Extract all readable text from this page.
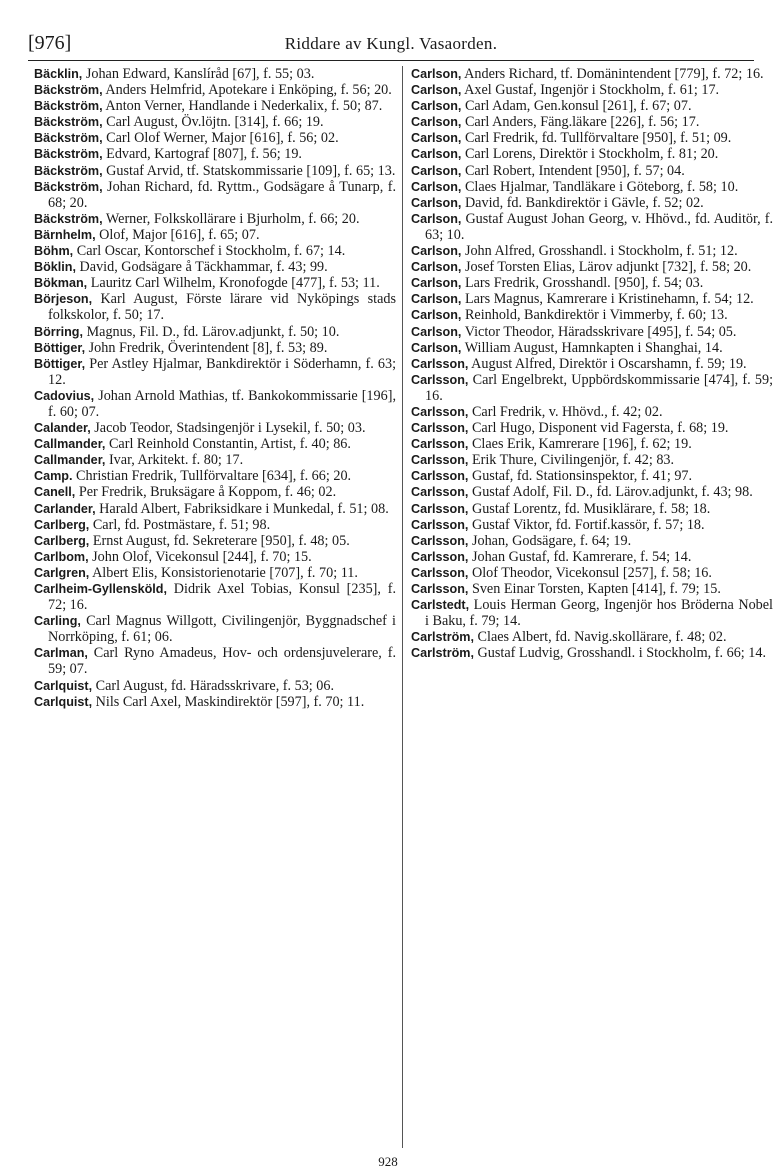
[976]	Riddare av Kungl. Vasaorden.

Bäcklin, Johan Edward, Kanslíråd [67], f. 55; 03.

Bäckström, Anders Helmfrid, Apotekare i Enköping, f. 56; 20.

Bäckström, Anton Verner, Handlande i Nederkalix, f. 50; 87.

Bäckström, Carl August, Öv.löjtn. [314], f. 66; 19.

Bäckström, Carl Olof Werner, Major [616], f. 56; 02.

Bäckström, Edvard, Kartograf [807], f. 56; 19.

Bäckström, Gustaf Arvid, tf. Statskommissarie [109], f. 65; 13.

Bäckström, Johan Richard, fd. Ryttm., Godsägare å Tunarp, f. 68; 20.

Bäckström, Werner, Folkskollärare i Bjurholm, f. 66; 20.

Bärnhelm, Olof, Major [616], f. 65; 07.

Böhm, Carl Oscar, Kontorschef i Stockholm, f. 67; 14.

Böklin, David, Godsägare å Täckhammar, f. 43; 99.

Bökman, Lauritz Carl Wilhelm, Kronofogde [477], f. 53; 11.

Börjeson, Karl August, Förste lärare vid Nyköpings stads folkskolor, f. 50; 17.

Börring, Magnus, Fil. D., fd. Lärov.adjunkt, f. 50; 10.

Böttiger, John Fredrik, Överintendent [8], f. 53; 89.

Böttiger, Per Astley Hjalmar, Bankdirektör i Söderhamn, f. 63; 12.

Cadovius, Johan Arnold Mathias, tf. Bankokommissarie [196], f. 60; 07.

Calander, Jacob Teodor, Stadsingenjör i Lysekil, f. 50; 03.

Callmander, Carl Reinhold Constantin, Artist, f. 40; 86.

Callmander, Ivar, Arkitekt. f. 80; 17.

Camp. Christian Fredrik, Tullförvaltare [634], f. 66; 20.

Canell, Per Fredrik, Bruksägare å Koppom, f. 46; 02.

Carlander, Harald Albert, Fabriksidkare i Munkedal, f. 51; 08.

Carlberg, Carl, fd. Postmästare, f. 51; 98.

Carlberg, Ernst August, fd. Sekreterare [950], f. 48; 05.

Carlbom, John Olof, Vicekonsul [244], f. 70; 15.

Carlgren, Albert Elis, Konsistorienotarie [707], f. 70; 11.

Carlheim-Gyllensköld, Didrik Axel Tobias, Konsul [235], f. 72; 16.

Carling, Carl Magnus Willgott, Civilingenjör, Byggnadschef i Norrköping, f. 61; 06.

Carlman, Carl Ryno Amadeus, Hov- och ordensjuvelerare, f. 59; 07.

Carlquist, Carl August, fd. Häradsskrivare, f. 53; 06.

Carlquist, Nils Carl Axel, Maskindirektör [597], f. 70; 11.

Carlson, Anders Richard, tf. Domänintendent [779], f. 72; 16.

Carlson, Axel Gustaf, Ingenjör i Stockholm, f. 61; 17.

Carlson, Carl Adam, Gen.konsul [261], f. 67; 07.

Carlson, Carl Anders, Fäng.läkare [226], f. 56; 17.

Carlson, Carl Fredrik, fd. Tullförvaltare [950], f. 51; 09.

Carlson, Carl Lorens, Direktör i Stockholm, f. 81; 20.

Carlson, Carl Robert, Intendent [950], f. 57; 04.

Carlson, Claes Hjalmar, Tandläkare i Göteborg, f. 58; 10.

Carlson, David, fd. Bankdirektör i Gävle, f. 52; 02.

Carlson, Gustaf August Johan Georg, v. Hhövd., fd. Auditör, f. 63; 10.

Carlson, John Alfred, Grosshandl. i Stockholm, f. 51; 12.

Carlson, Josef Torsten Elias, Lärov adjunkt [732], f. 58; 20.

Carlson, Lars Fredrik, Grosshandl. [950], f. 54; 03.

Carlson, Lars Magnus, Kamrerare i Kristinehamn, f. 54; 12.

Carlson, Reinhold, Bankdirektör i Vimmerby, f. 60; 13.

Carlson, Victor Theodor, Häradsskrivare [495], f. 54; 05.

Carlson, William August, Hamnkapten i Shanghai, 14.

Carlsson, August Alfred, Direktör i Oscarshamn, f. 59; 19.

Carlsson, Carl Engelbrekt, Uppbördskommissarie [474], f. 59; 16.

Carlsson, Carl Fredrik, v. Hhövd., f. 42; 02.

Carlsson, Carl Hugo, Disponent vid Fagersta, f. 68; 19.

Carlsson, Claes Erik, Kamrerare [196], f. 62; 19.

Carlsson, Erik Thure, Civilingenjör, f. 42; 83.

Carlsson, Gustaf, fd. Stationsinspektor, f. 41; 97.

Carlsson, Gustaf Adolf, Fil. D., fd. Lärov.adjunkt, f. 43; 98.

Carlsson, Gustaf Lorentz, fd. Musiklärare, f. 58; 18.

Carlsson, Gustaf Viktor, fd. Fortif.kassör, f. 57; 18.

Carlsson, Johan, Godsägare, f. 64; 19.

Carlsson, Johan Gustaf, fd. Kamrerare, f. 54; 14.

Carlsson, Olof Theodor, Vicekonsul [257], f. 58; 16.

Carlsson, Sven Einar Torsten, Kapten [414], f. 79; 15.

Carlstedt, Louis Herman Georg, Ingenjör hos Bröderna Nobel i Baku, f. 79; 14.

Carlström, Claes Albert, fd. Navig.skollärare, f. 48; 02.

Carlström, Gustaf Ludvig, Grosshandl. i Stockholm, f. 66; 14.

928
